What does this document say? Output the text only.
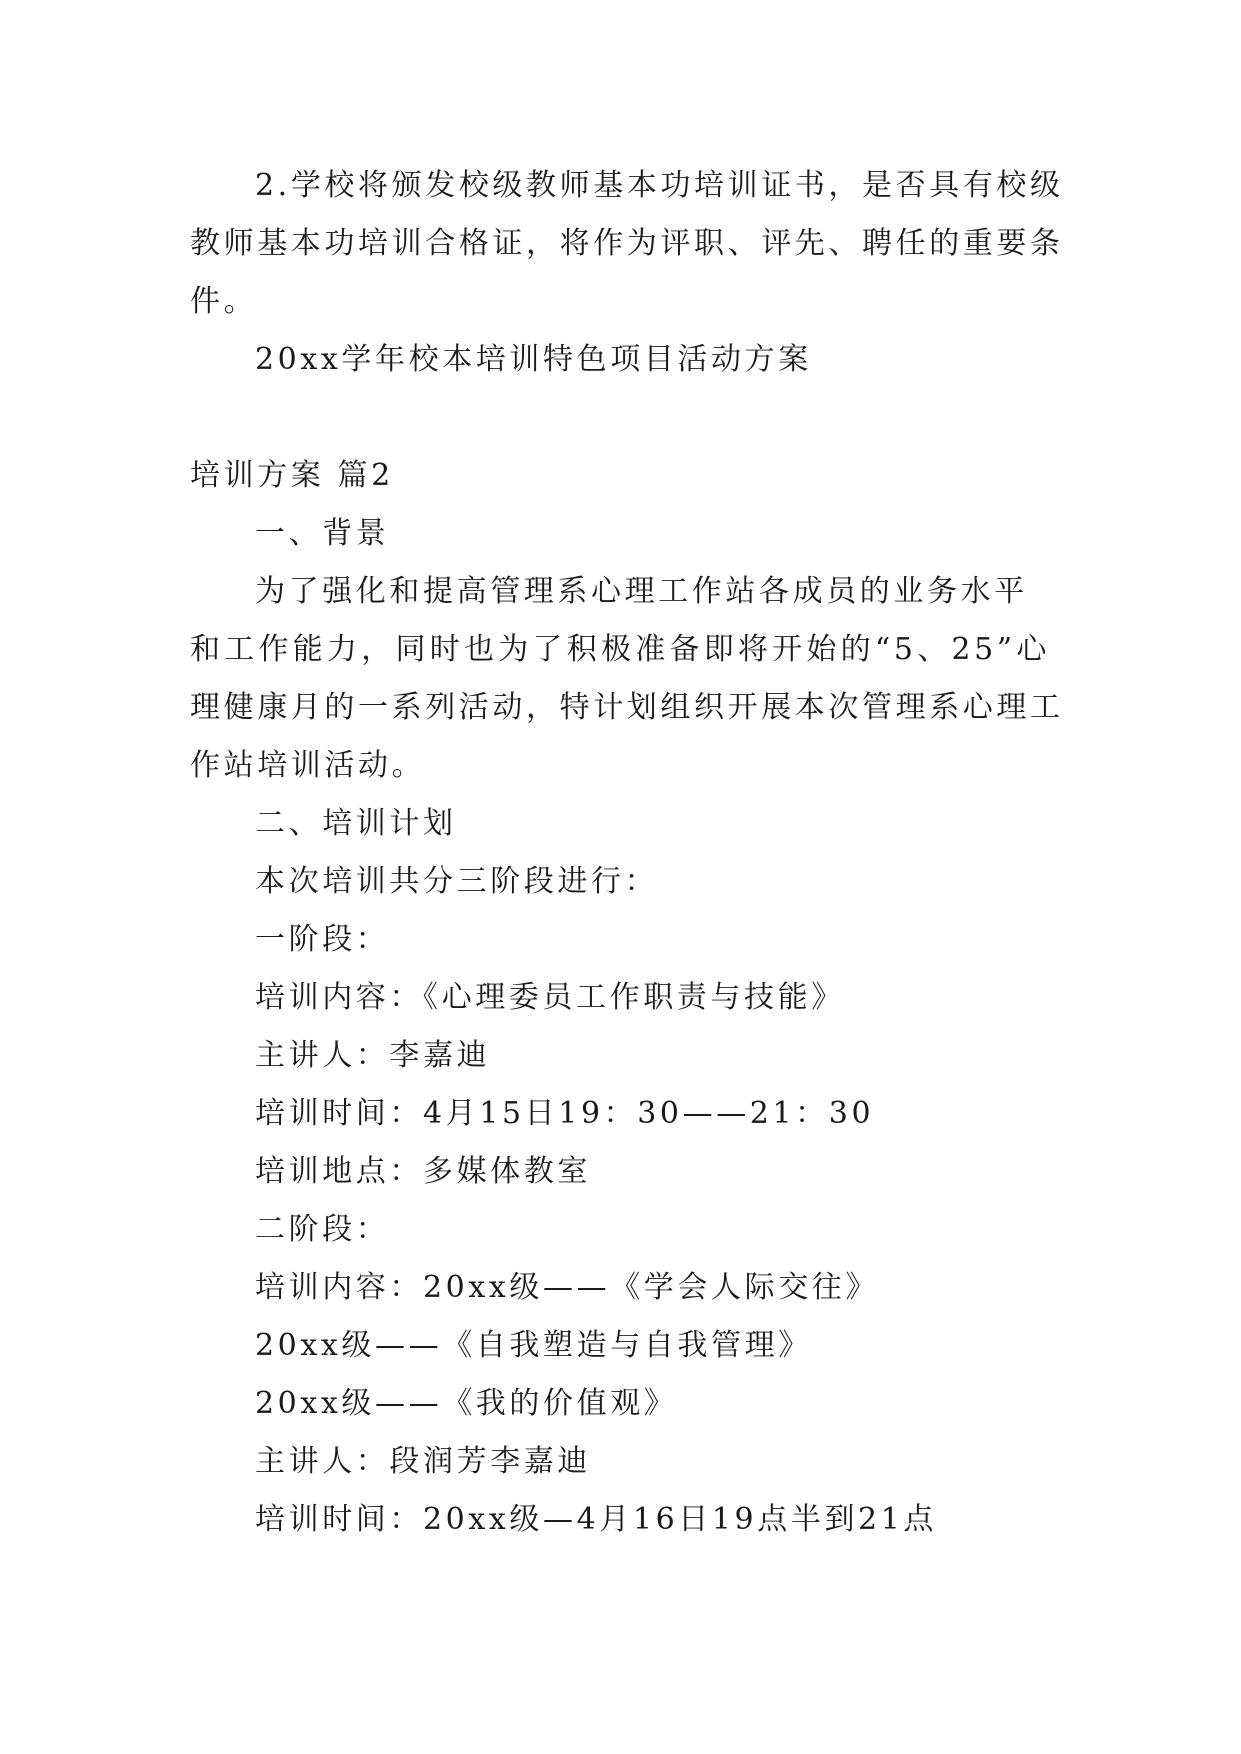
2.学校将颁发校级教师基本功培训证书，是否具有校级
教师基本功培训合格证，将作为评职、评先、聘任的重要条
件。
20xx学年校本培训特色项目活动方案
培训方案 篇2
一、背景
为了强化和提高管理系心理工作站各成员的业务水平
和工作能力，同时也为了积极准备即将开始的“5、25”心
理健康月的一系列活动，特计划组织开展本次管理系心理工
作站培训活动。
二、培训计划
本次培训共分三阶段进行：
一阶段：
培训内容：《心理委员工作职责与技能》
主讲人：李嘉迪
培训时间：4月15日19：30——21：30
培训地点：多媒体教室
二阶段：
培训内容：20xx级——《学会人际交往》
20xx级——《自我塑造与自我管理》
20xx级——《我的价值观》
主讲人：段润芳李嘉迪
培训时间：20xx级—4月16日19点半到21点
